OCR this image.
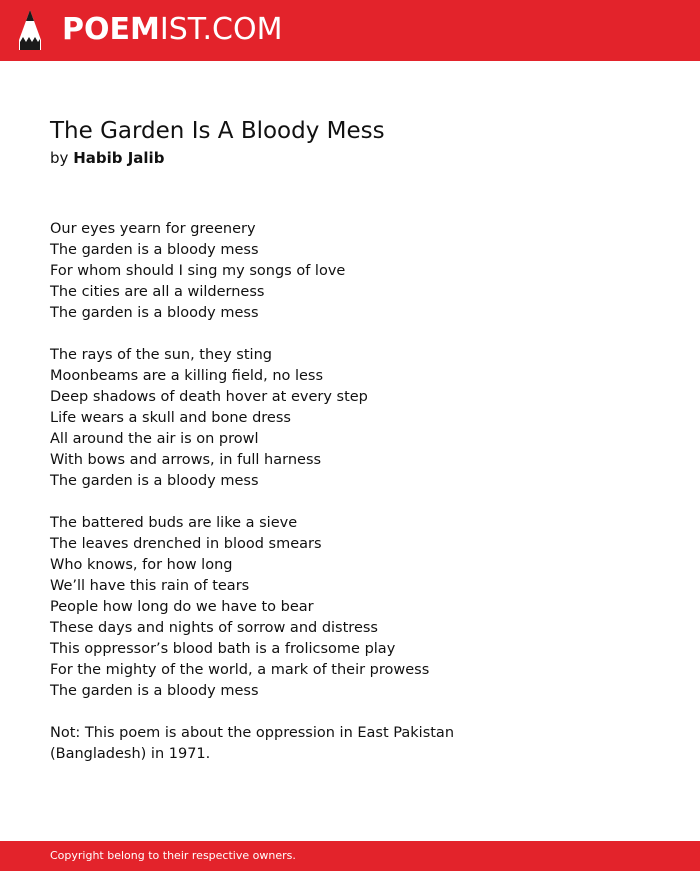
POEMIST.COM
The Garden Is A Bloody Mess
by Habib Jalib
Our eyes yearn for greenery
The garden is a bloody mess
For whom should I sing my songs of love
The cities are all a wilderness
The garden is a bloody mess
The rays of the sun, they sting
Moonbeams are a killing field, no less
Deep shadows of death hover at every step
Life wears a skull and bone dress
All around the air is on prowl
With bows and arrows, in full harness
The garden is a bloody mess
The battered buds are like a sieve
The leaves drenched in blood smears
Who knows, for how long
We’ll have this rain of tears
People how long do we have to bear
These days and nights of sorrow and distress
This oppressor’s blood bath is a frolicsome play
For the mighty of the world, a mark of their prowess
The garden is a bloody mess

Not: This poem is about the oppression in East Pakistan (Bangladesh) in 1971.

Copyright belong to their respective owners.
